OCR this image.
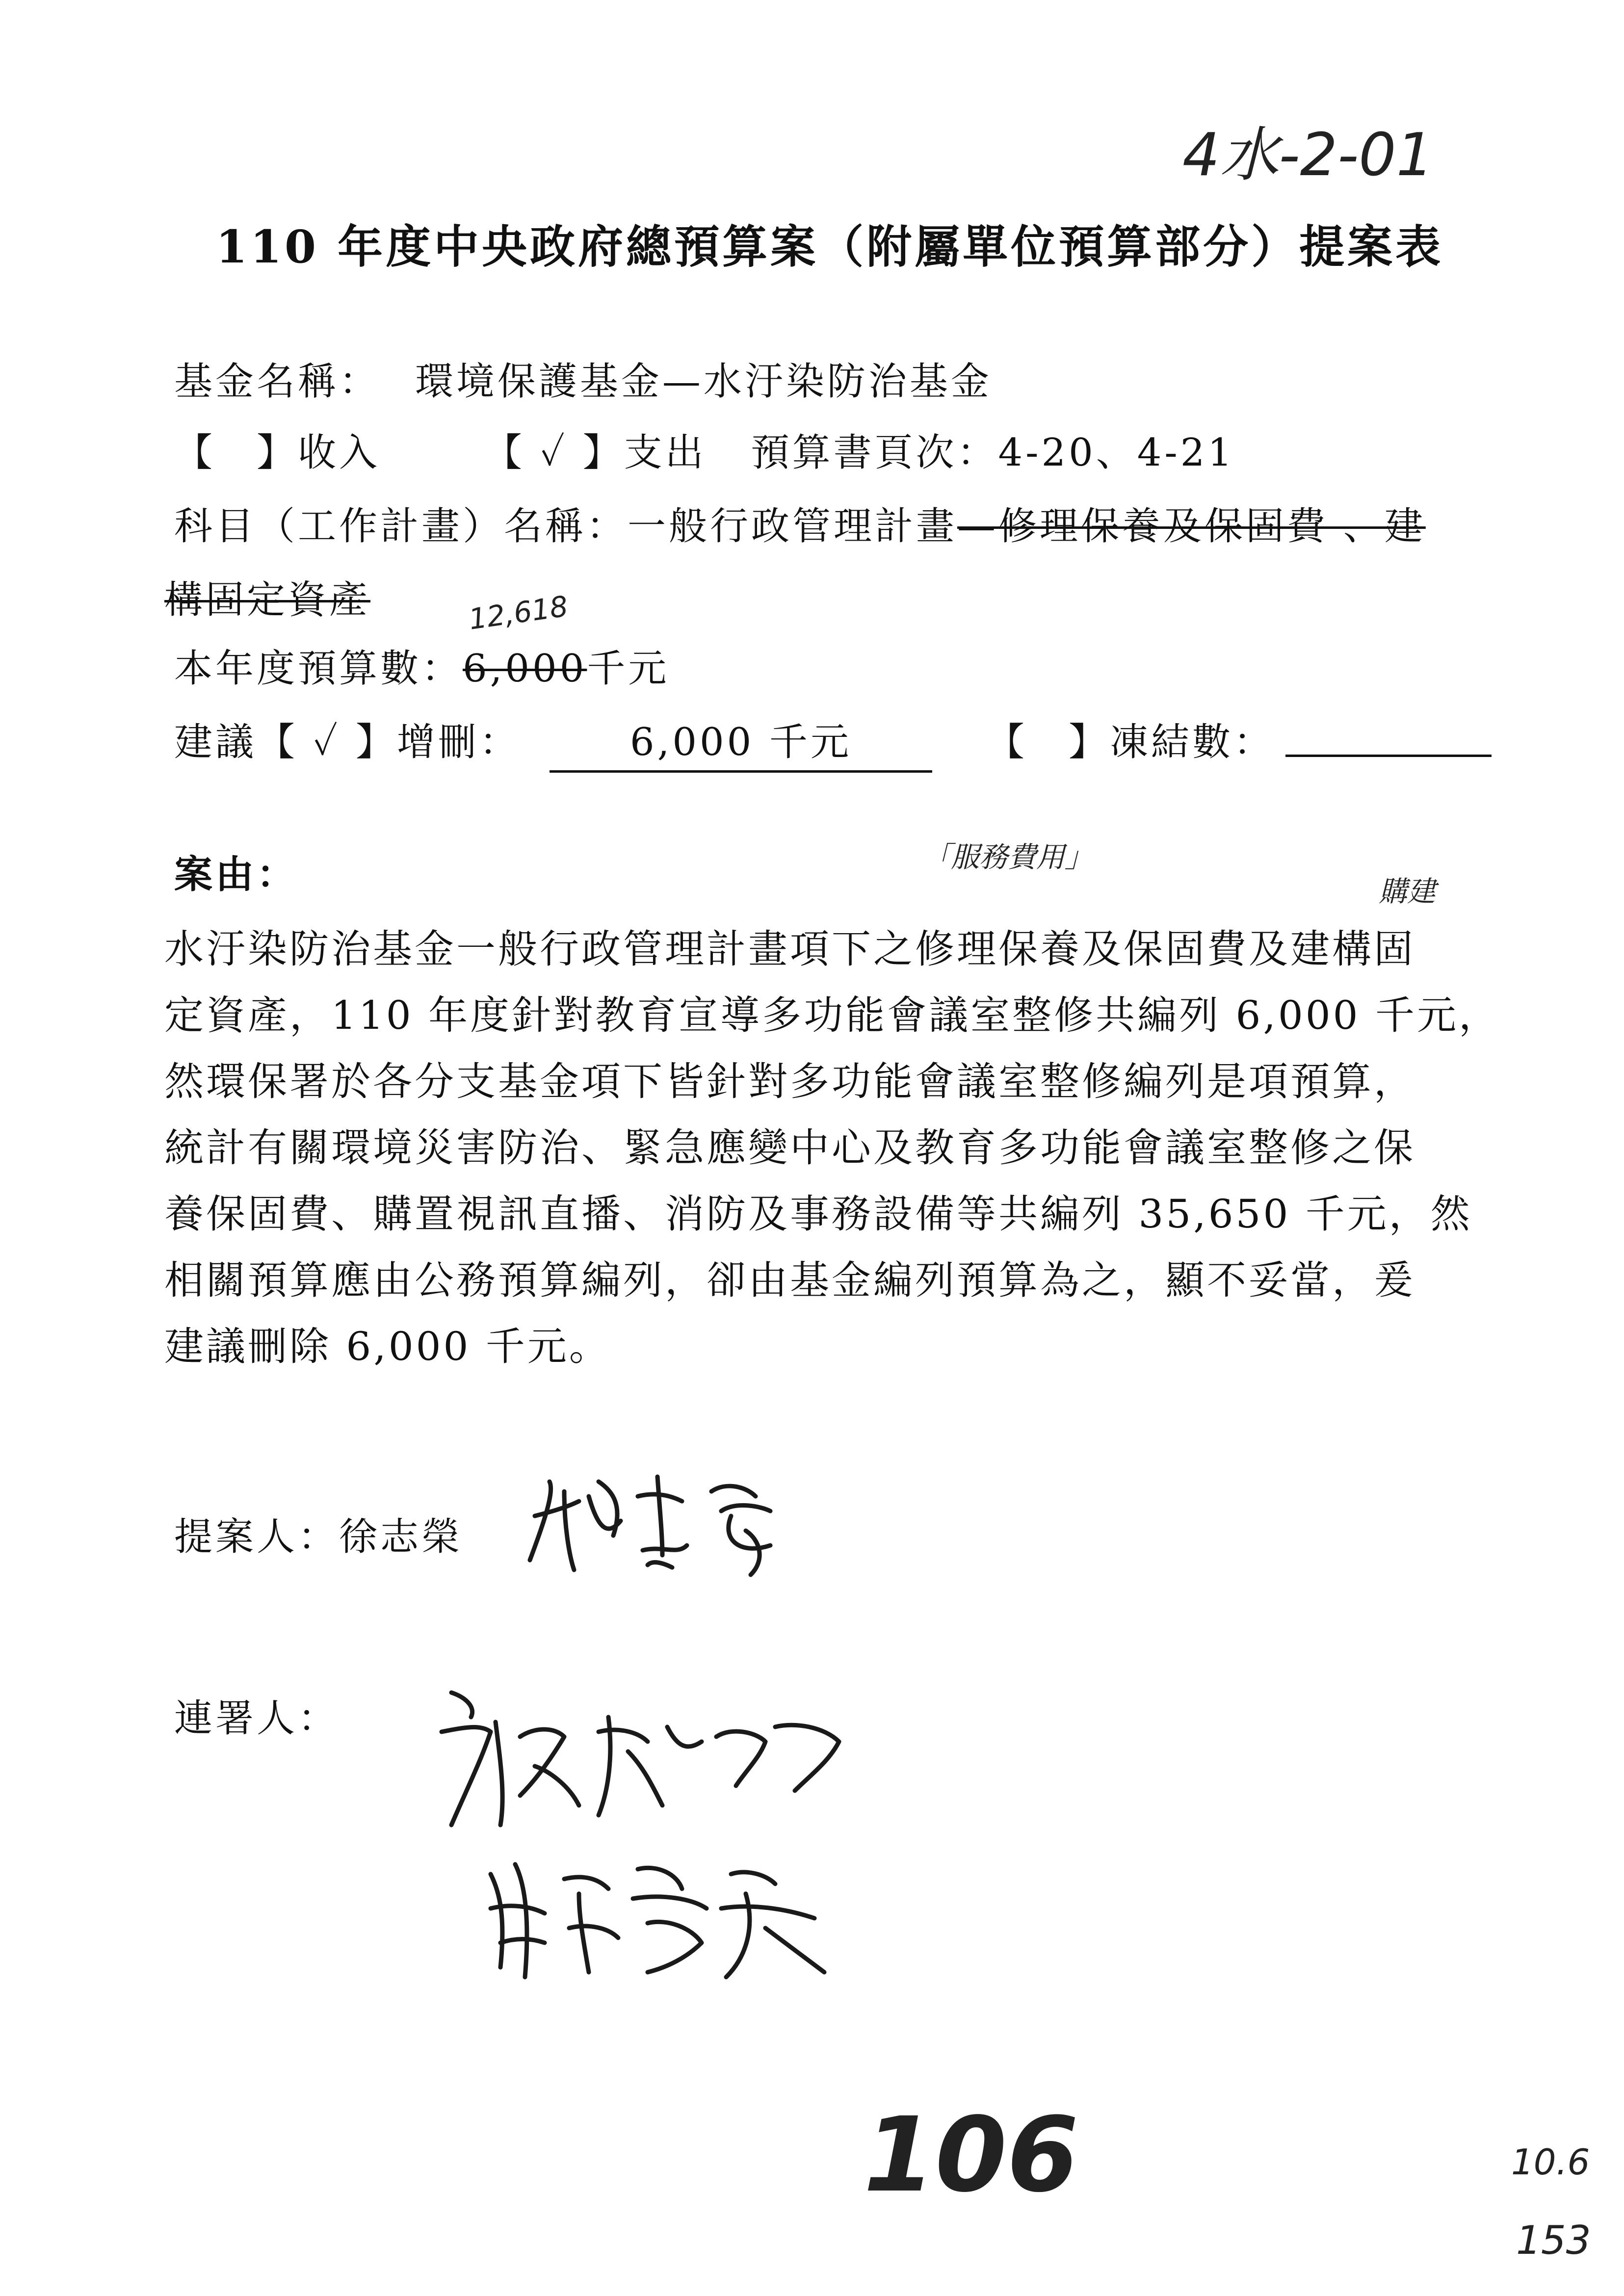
4水-2-01
110 年度中央政府總預算案（附屬單位預算部分）提案表
基金名稱： 環境保護基金—水汙染防治基金
【　】收入	【 ✓ 】支出 預算書頁次：4-20、4-21
科目（工作計畫）名稱：一般行政管理計畫—修理保養及保固費 、建
構固定資產	12,618
本年度預算數：6,000千元
建議【 ✓ 】增刪：	6,000 千元	【　】凍結數：
案由：	「服務費用」
購建
水汙染防治基金一般行政管理計畫項下之修理保養及保固費及建構固
定資產，110 年度針對教育宣導多功能會議室整修共編列 6,000 千元，
然環保署於各分支基金項下皆針對多功能會議室整修編列是項預算，
統計有關環境災害防治、緊急應變中心及教育多功能會議室整修之保
養保固費、購置視訊直播、消防及事務設備等共編列 35,650 千元，然
相關預算應由公務預算編列，卻由基金編列預算為之，顯不妥當，爰
建議刪除 6,000 千元。
提案人：徐志榮
連署人：
106	10.6
153
